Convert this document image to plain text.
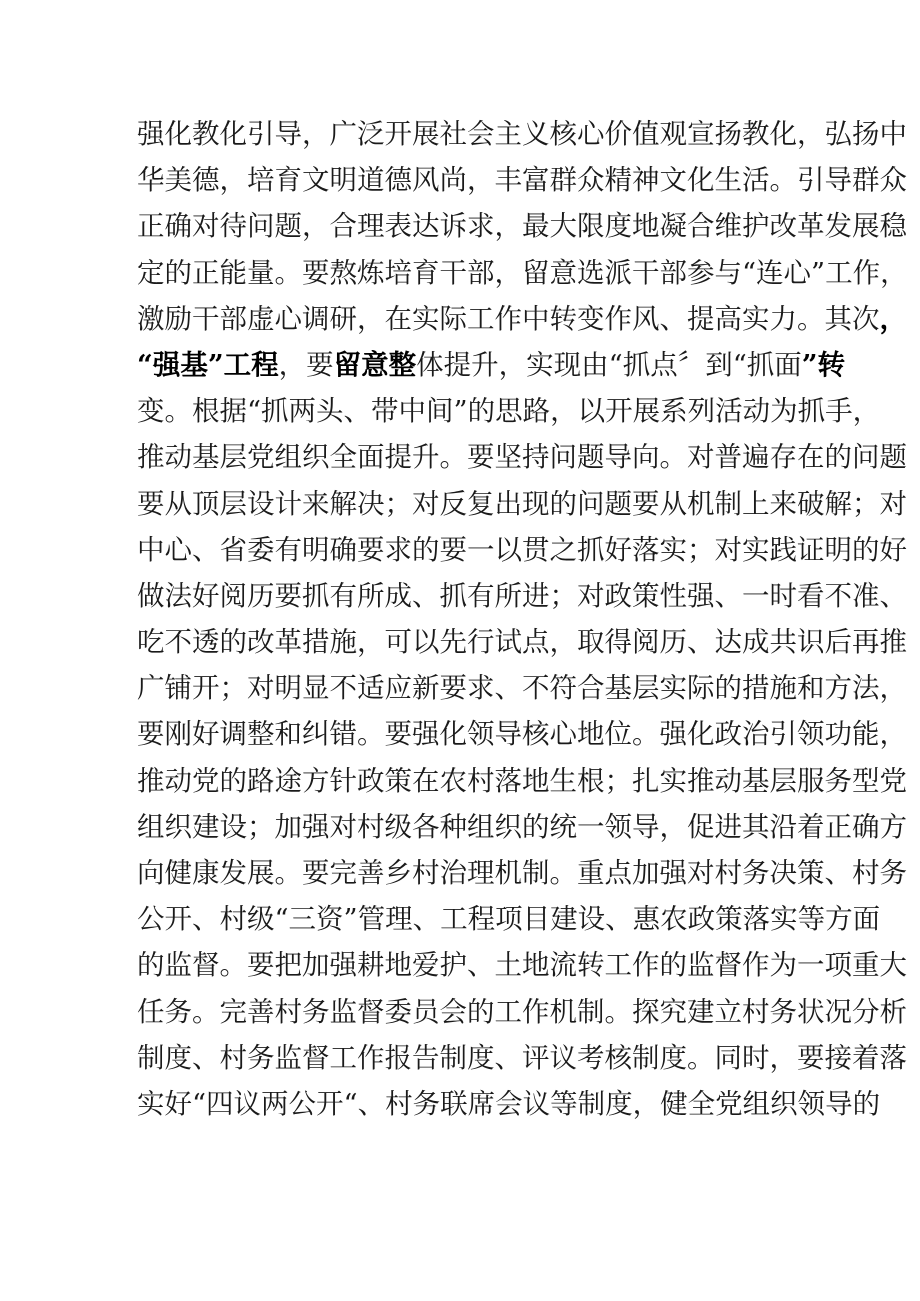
强化教化引导，广泛开展社会主义核心价值观宣扬教化，弘扬中
华美德，培育文明道德风尚，丰富群众精神文化生活。引导群众
正确对待问题，合理表达诉求，最大限度地凝合维护改革发展稳
定的正能量。要熬炼培育干部，留意选派干部参与“连心”工作，
激励干部虚心调研，在实际工作中转变作风、提高实力。其次，
“强基”工程，要留意整体提升，实现由“抓点〞到“抓面”转
变。根据“抓两头、带中间”的思路，以开展系列活动为抓手，
推动基层党组织全面提升。要坚持问题导向。对普遍存在的问题
要从顶层设计来解决；对反复出现的问题要从机制上来破解；对
中心、省委有明确要求的要一以贯之抓好落实；对实践证明的好
做法好阅历要抓有所成、抓有所进；对政策性强、一时看不准、
吃不透的改革措施，可以先行试点，取得阅历、达成共识后再推
广铺开；对明显不适应新要求、不符合基层实际的措施和方法，
要刚好调整和纠错。要强化领导核心地位。强化政治引领功能，
推动党的路途方针政策在农村落地生根；扎实推动基层服务型党
组织建设；加强对村级各种组织的统一领导，促进其沿着正确方
向健康发展。要完善乡村治理机制。重点加强对村务决策、村务
公开、村级“三资”管理、工程项目建设、惠农政策落实等方面
的监督。要把加强耕地爱护、土地流转工作的监督作为一项重大
任务。完善村务监督委员会的工作机制。探究建立村务状况分析
制度、村务监督工作报告制度、评议考核制度。同时，要接着落
实好“四议两公开“、村务联席会议等制度，健全党组织领导的
